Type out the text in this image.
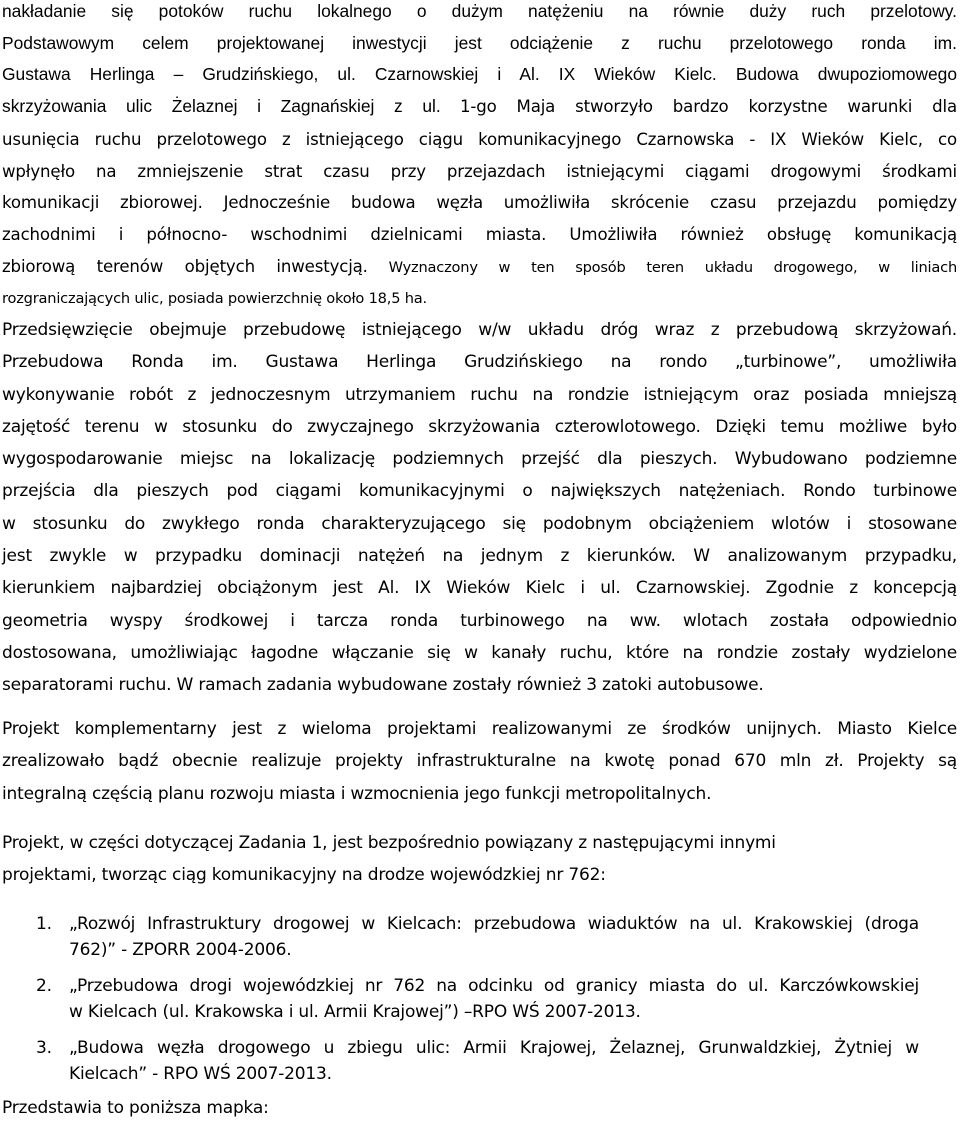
nakładanie się potoków ruchu lokalnego o dużym natężeniu na równie duży ruch przelotowy.
Podstawowym celem projektowanej inwestycji jest odciążenie z ruchu przelotowego ronda im.
Gustawa Herlinga – Grudzińskiego, ul. Czarnowskiej i Al. IX Wieków Kielc. Budowa dwupoziomowego
skrzyżowania ulic Żelaznej i Zagnańskiej z ul. 1-go Maja stworzyło bardzo korzystne warunki dla
usunięcia ruchu przelotowego z istniejącego ciągu komunikacyjnego Czarnowska - IX Wieków Kielc, co
wpłynęło na zmniejszenie strat czasu przy przejazdach istniejącymi ciągami drogowymi środkami
komunikacji zbiorowej. Jednocześnie budowa węzła umożliwiła skrócenie czasu przejazdu pomiędzy
zachodnimi i północno- wschodnimi dzielnicami miasta. Umożliwiła również obsługę komunikacją
zbiorową terenów objętych inwestycją. Wyznaczony w ten sposób teren układu drogowego, w liniach
rozgraniczających ulic, posiada powierzchnię około 18,5 ha.
Przedsięwzięcie obejmuje przebudowę istniejącego w/w układu dróg wraz z przebudową skrzyżowań.
Przebudowa Ronda im. Gustawa Herlinga Grudzińskiego na rondo „turbinowe”, umożliwiła
wykonywanie robót z jednoczesnym utrzymaniem ruchu na rondzie istniejącym oraz posiada mniejszą
zajętość terenu w stosunku do zwyczajnego skrzyżowania czterowlotowego. Dzięki temu możliwe było
wygospodarowanie miejsc na lokalizację podziemnych przejść dla pieszych. Wybudowano podziemne
przejścia dla pieszych pod ciągami komunikacyjnymi o największych natężeniach. Rondo turbinowe
w stosunku do zwykłego ronda charakteryzującego się podobnym obciążeniem wlotów i stosowane
jest zwykle w przypadku dominacji natężeń na jednym z kierunków. W analizowanym przypadku,
kierunkiem najbardziej obciążonym jest Al. IX Wieków Kielc i ul. Czarnowskiej. Zgodnie z koncepcją
geometria wyspy środkowej i tarcza ronda turbinowego na ww. wlotach została odpowiednio
dostosowana, umożliwiając łagodne włączanie się w kanały ruchu, które na rondzie zostały wydzielone
separatorami ruchu. W ramach zadania wybudowane zostały również 3 zatoki autobusowe.
Projekt komplementarny jest z wieloma projektami realizowanymi ze środków unijnych. Miasto Kielce
zrealizowało bądź obecnie realizuje projekty infrastrukturalne na kwotę ponad 670 mln zł. Projekty są
integralną częścią planu rozwoju miasta i wzmocnienia jego funkcji metropolitalnych.
Projekt, w części dotyczącej Zadania 1, jest bezpośrednio powiązany z następującymi innymi
projektami, tworząc ciąg komunikacyjny na drodze wojewódzkiej nr 762:
1. „Rozwój Infrastruktury drogowej w Kielcach: przebudowa wiaduktów na ul. Krakowskiej (droga
762)” - ZPORR 2004-2006.
2. „Przebudowa drogi wojewódzkiej nr 762 na odcinku od granicy miasta do ul. Karczówkowskiej
w Kielcach (ul. Krakowska i ul. Armii Krajowej”) –RPO WŚ 2007-2013.
3. „Budowa węzła drogowego u zbiegu ulic: Armii Krajowej, Żelaznej, Grunwaldzkiej, Żytniej w
Kielcach” - RPO WŚ 2007-2013.
Przedstawia to poniższa mapka:
